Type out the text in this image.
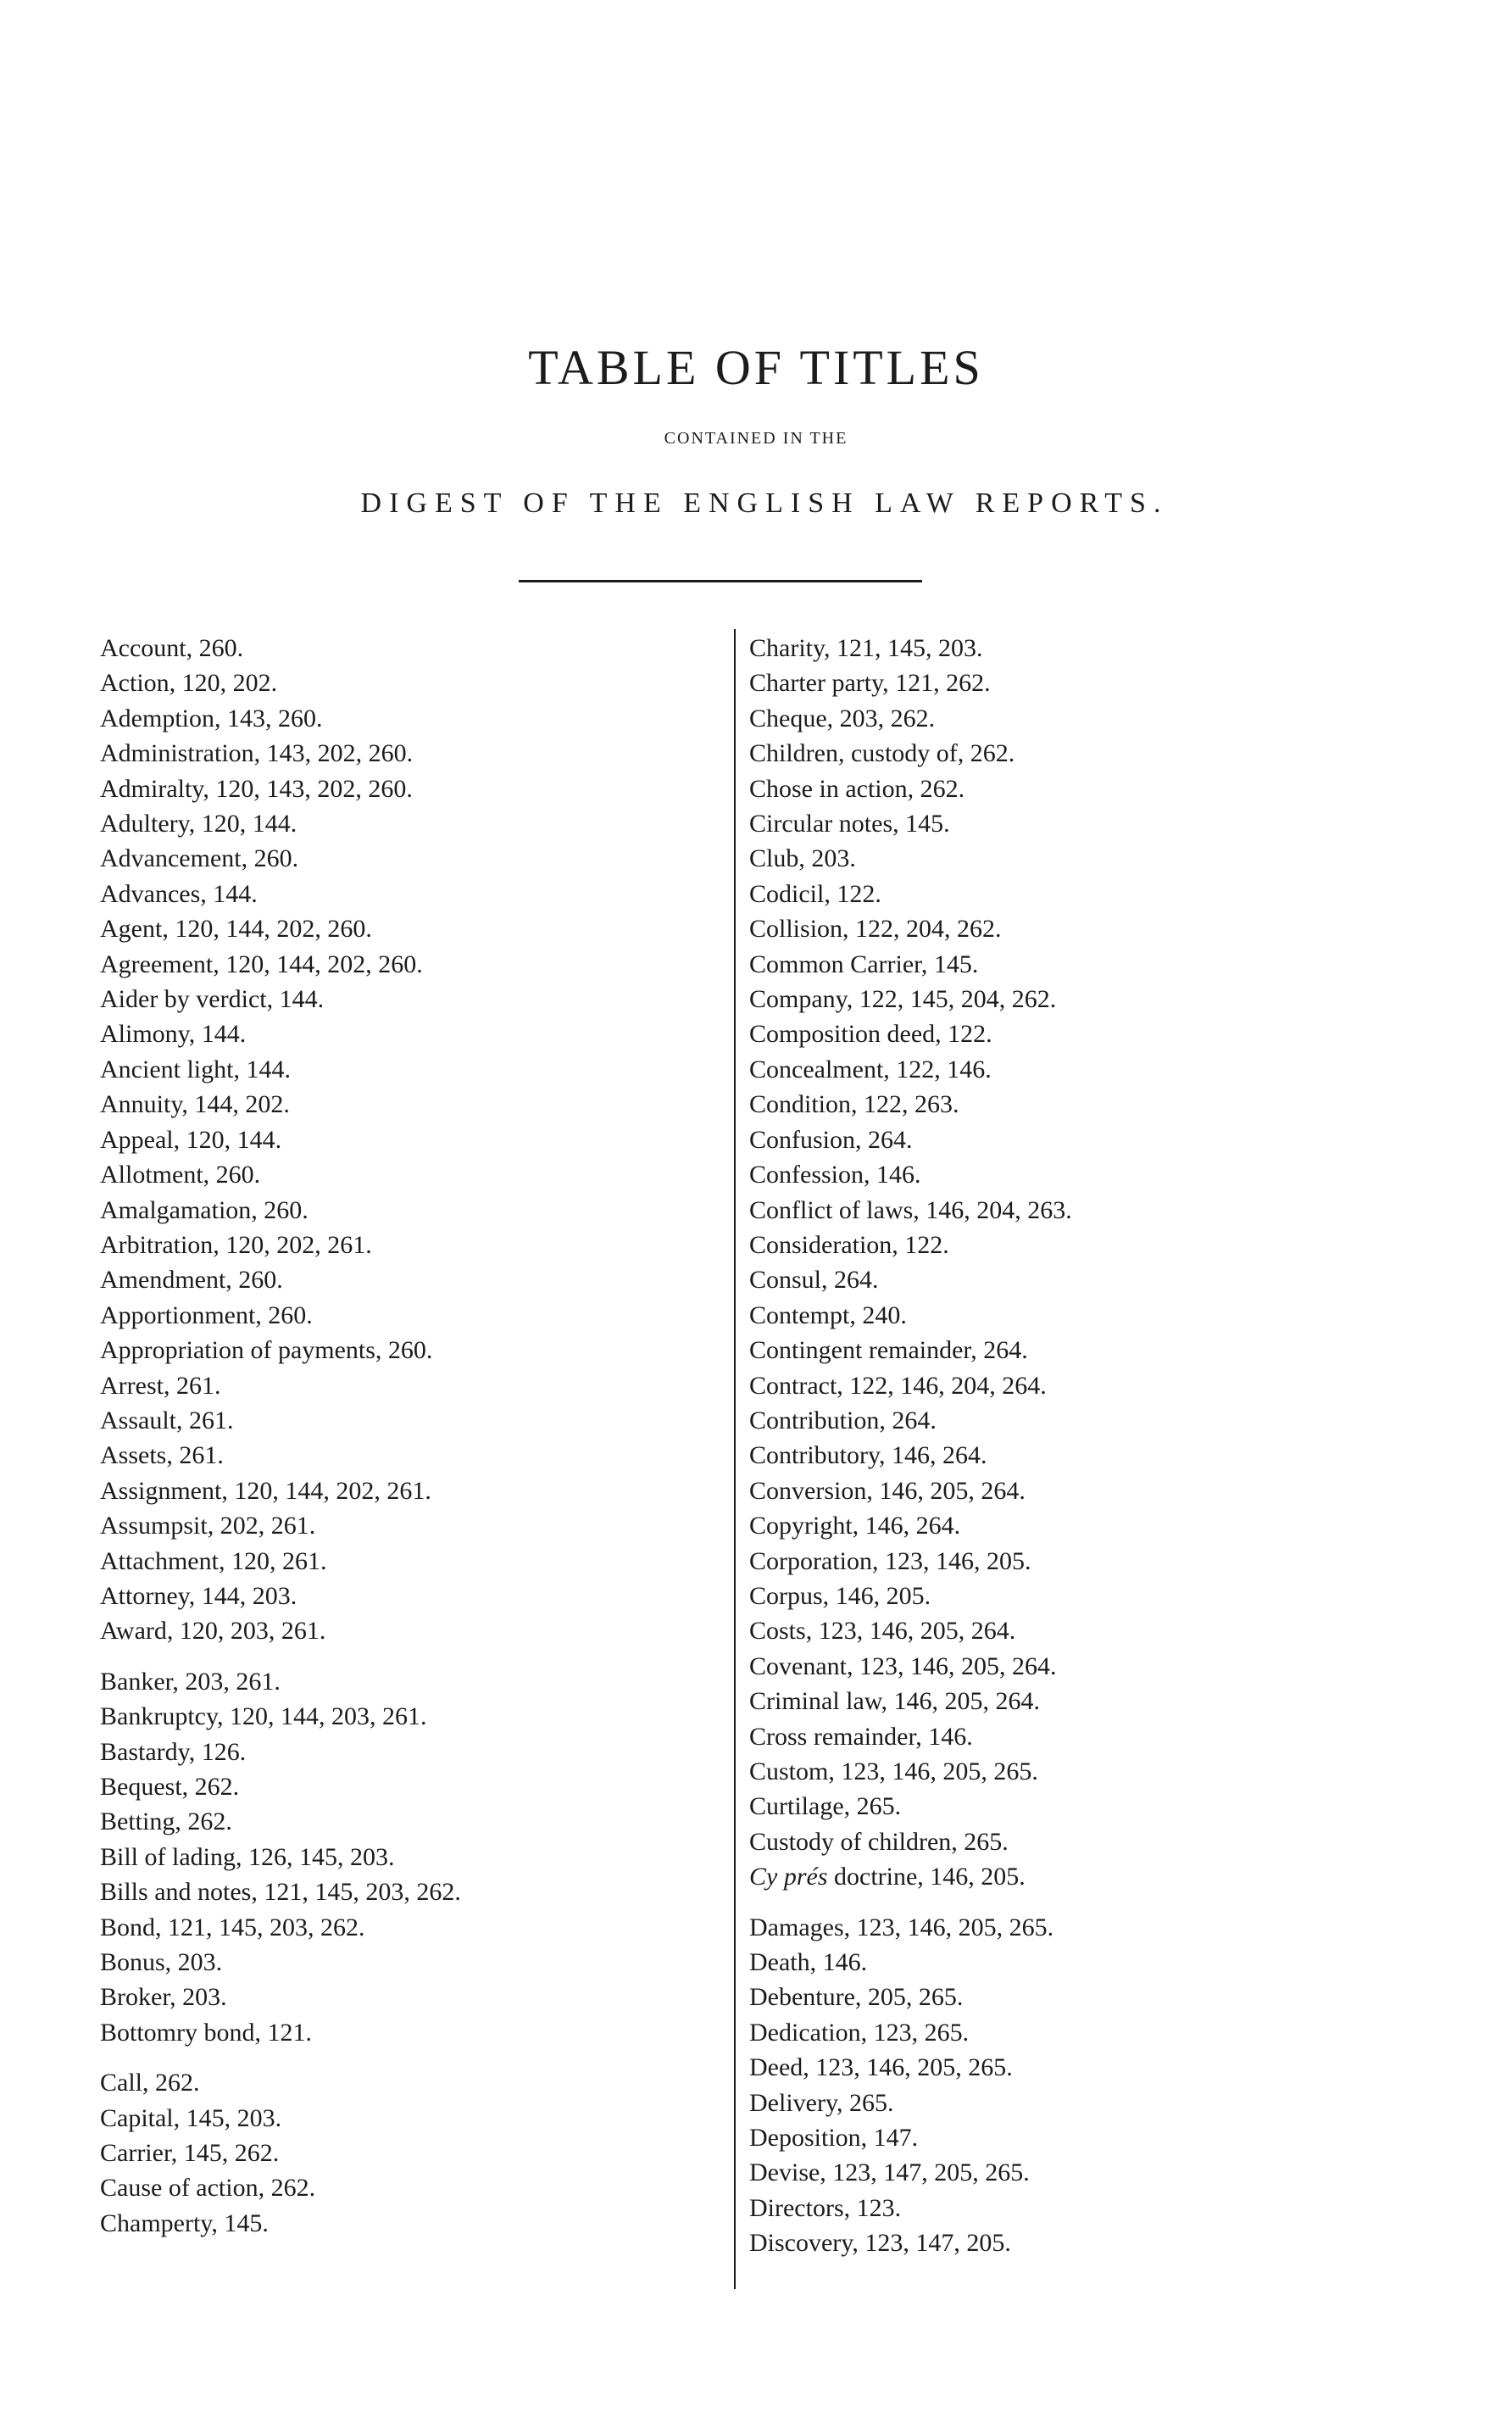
TABLE OF TITLES
CONTAINED IN THE
DIGEST OF THE ENGLISH LAW REPORTS.
Account, 260.
Action, 120, 202.
Ademption, 143, 260.
Administration, 143, 202, 260.
Admiralty, 120, 143, 202, 260.
Adultery, 120, 144.
Advancement, 260.
Advances, 144.
Agent, 120, 144, 202, 260.
Agreement, 120, 144, 202, 260.
Aider by verdict, 144.
Alimony, 144.
Ancient light, 144.
Annuity, 144, 202.
Appeal, 120, 144.
Allotment, 260.
Amalgamation, 260.
Arbitration, 120, 202, 261.
Amendment, 260.
Apportionment, 260.
Appropriation of payments, 260.
Arrest, 261.
Assault, 261.
Assets, 261.
Assignment, 120, 144, 202, 261.
Assumpsit, 202, 261.
Attachment, 120, 261.
Attorney, 144, 203.
Award, 120, 203, 261.
Banker, 203, 261.
Bankruptcy, 120, 144, 203, 261.
Bastardy, 126.
Bequest, 262.
Betting, 262.
Bill of lading, 126, 145, 203.
Bills and notes, 121, 145, 203, 262.
Bond, 121, 145, 203, 262.
Bonus, 203.
Broker, 203.
Bottomry bond, 121.
Call, 262.
Capital, 145, 203.
Carrier, 145, 262.
Cause of action, 262.
Champerty, 145.
Charity, 121, 145, 203.
Charter party, 121, 262.
Cheque, 203, 262.
Children, custody of, 262.
Chose in action, 262.
Circular notes, 145.
Club, 203.
Codicil, 122.
Collision, 122, 204, 262.
Common Carrier, 145.
Company, 122, 145, 204, 262.
Composition deed, 122.
Concealment, 122, 146.
Condition, 122, 263.
Confusion, 264.
Confession, 146.
Conflict of laws, 146, 204, 263.
Consideration, 122.
Consul, 264.
Contempt, 240.
Contingent remainder, 264.
Contract, 122, 146, 204, 264.
Contribution, 264.
Contributory, 146, 264.
Conversion, 146, 205, 264.
Copyright, 146, 264.
Corporation, 123, 146, 205.
Corpus, 146, 205.
Costs, 123, 146, 205, 264.
Covenant, 123, 146, 205, 264.
Criminal law, 146, 205, 264.
Cross remainder, 146.
Custom, 123, 146, 205, 265.
Curtilage, 265.
Custody of children, 265.
Cy prés doctrine, 146, 205.
Damages, 123, 146, 205, 265.
Death, 146.
Debenture, 205, 265.
Dedication, 123, 265.
Deed, 123, 146, 205, 265.
Delivery, 265.
Deposition, 147.
Devise, 123, 147, 205, 265.
Directors, 123.
Discovery, 123, 147, 205.
